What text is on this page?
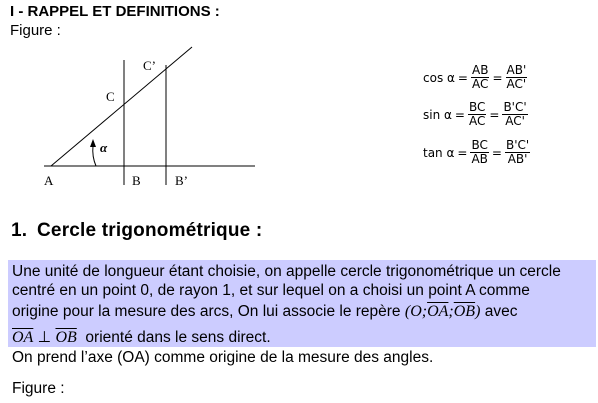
I - RAPPEL ET DEFINITIONS :
Figure :
A	B	B’
C
C’
α
$\cos \alpha = \frac{AB}{AC} = \frac{AB'}{AC'}$
$\sin \alpha = \frac{BC}{AC} = \frac{B'C'}{AC'}$
$\tan \alpha = \frac{BC}{AB} = \frac{B'C'}{AB'}$
1. Cercle trigonométrique :
Une unité de longueur étant choisie, on appelle cercle trigonométrique un cercle
centré en un point 0, de rayon 1, et sur lequel on a choisi un point A comme
origine pour la mesure des arcs, On lui associe le repère $(O;\overline{OA};\overline{OB})$ avec
$\overline{OA}$ ⊥ $\overline{OB}$ orienté dans le sens direct.
On prend l’axe (OA) comme origine de la mesure des angles.
Figure :
